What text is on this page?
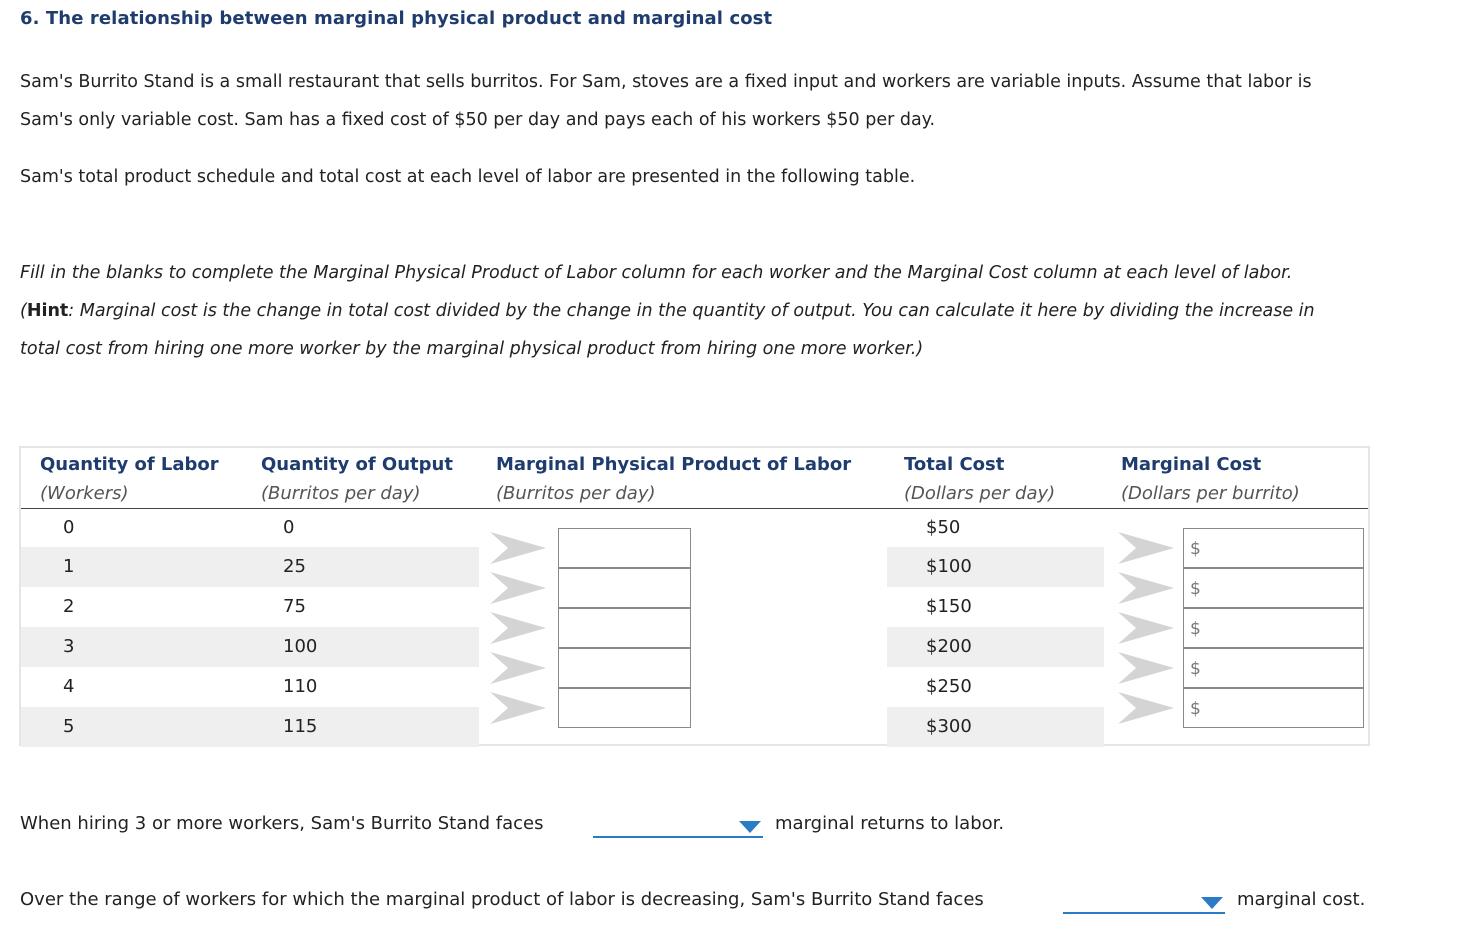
6. The relationship between marginal physical product and marginal cost
Sam's Burrito Stand is a small restaurant that sells burritos. For Sam, stoves are a fixed input and workers are variable inputs. Assume that labor is
Sam's only variable cost. Sam has a fixed cost of $50 per day and pays each of his workers $50 per day.
Sam's total product schedule and total cost at each level of labor are presented in the following table.
Fill in the blanks to complete the Marginal Physical Product of Labor column for each worker and the Marginal Cost column at each level of labor.
(Hint: Marginal cost is the change in total cost divided by the change in the quantity of output. You can calculate it here by dividing the increase in
total cost from hiring one more worker by the marginal physical product from hiring one more worker.)
Quantity of Labor
(Workers)
Quantity of Output
(Burritos per day)
Marginal Physical Product of Labor
(Burritos per day)
Total Cost
(Dollars per day)
Marginal Cost
(Dollars per burrito)
0
1
2
3
4
5
0
25
75
100
110
115
$50
$100
$150
$200
$250
$300
$
$
$
$
$
When hiring 3 or more workers, Sam's Burrito Stand faces	marginal returns to labor.
Over the range of workers for which the marginal product of labor is decreasing, Sam's Burrito Stand faces	marginal cost.
